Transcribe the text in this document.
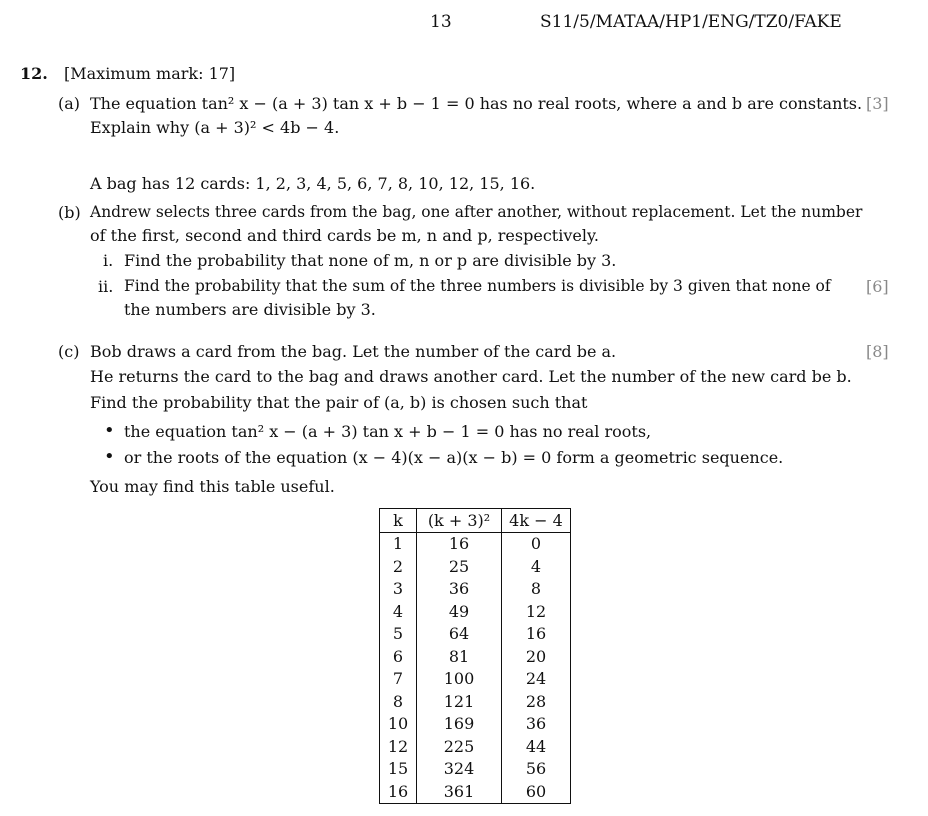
13	S11/5/MATAA/HP1/ENG/TZ0/FAKE
12. [Maximum mark: 17]
(a) The equation tan² x − (a + 3) tan x + b − 1 = 0 has no real roots, where a and b are constants. [3]
Explain why (a + 3)² < 4b − 4.
A bag has 12 cards: 1, 2, 3, 4, 5, 6, 7, 8, 10, 12, 15, 16.
(b) Andrew selects three cards from the bag, one after another, without replacement. Let the number
of the first, second and third cards be m, n and p, respectively.
i. Find the probability that none of m, n or p are divisible by 3.
ii. Find the probability that the sum of the three numbers is divisible by 3 given that none of [6]
the numbers are divisible by 3.
(c) Bob draws a card from the bag. Let the number of the card be a.	[8]
He returns the card to the bag and draws another card. Let the number of the new card be b.
Find the probability that the pair of (a, b) is chosen such that
• the equation tan² x − (a + 3) tan x + b − 1 = 0 has no real roots,
• or the roots of the equation (x − 4)(x − a)(x − b) = 0 form a geometric sequence.
You may find this table useful.
k	(k + 3)²	4k − 4
1	16	0
2	25	4
3	36	8
4	49	12
5	64	16
6	81	20
7	100	24
8	121	28
10	169	36
12	225	44
15	324	56
16	361	60
